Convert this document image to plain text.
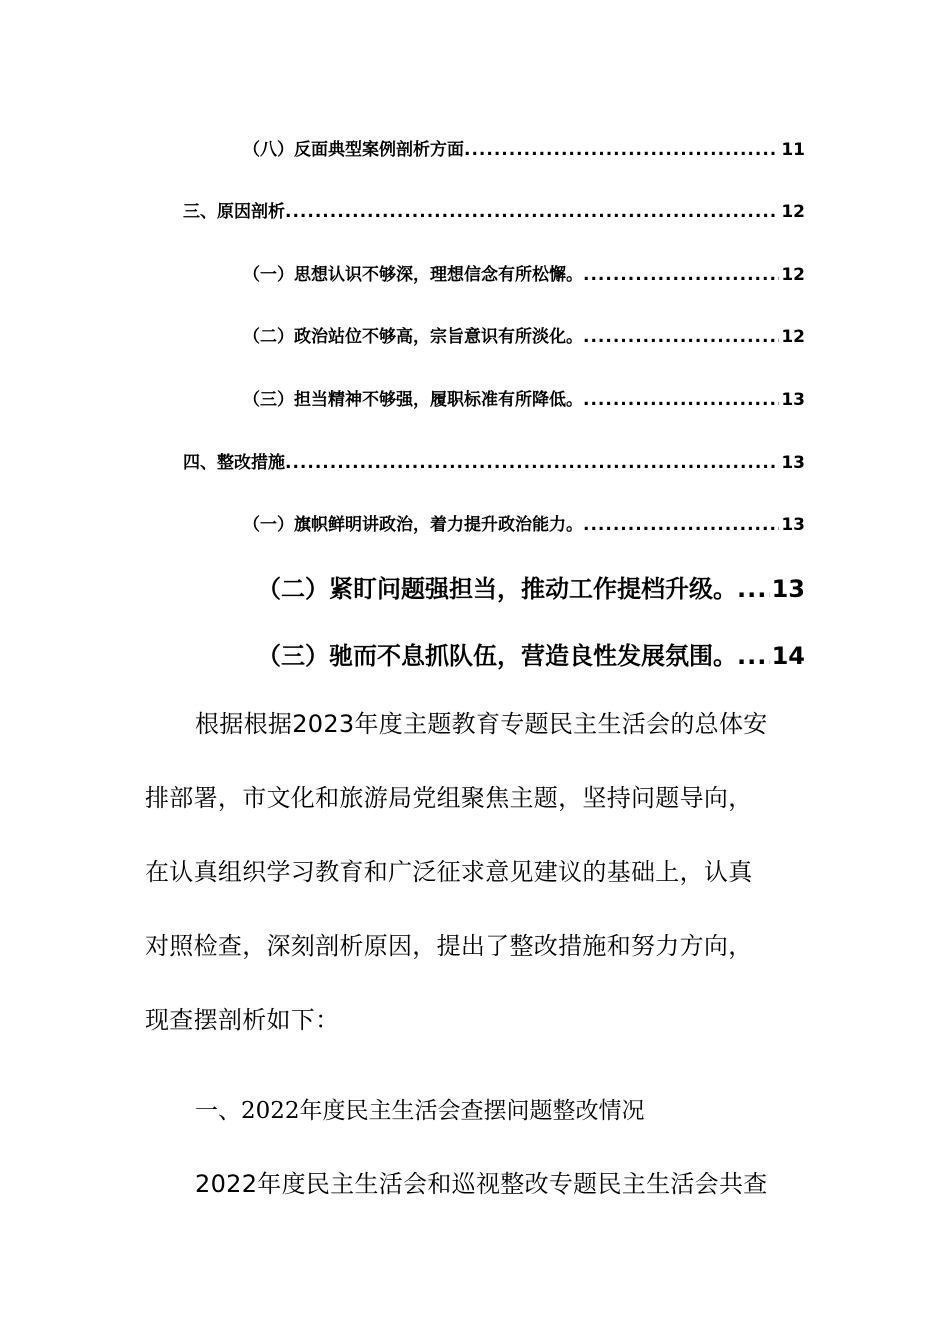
（八）反面典型案例剖析方面 .....	11
三、原因剖析 .....	12
（一）思想认识不够深，理想信念有所松懈。 .....	12
（二）政治站位不够高，宗旨意识有所淡化。 .....	12
（三）担当精神不够强，履职标准有所降低。 .....	13
四、整改措施 .....	13
（一）旗帜鲜明讲政治，着力提升政治能力。 .....	13
（二）紧盯问题强担当，推动工作提档升级。 ..... 13
（三）驰而不息抓队伍，营造良性发展氛围。 ..... 14
根据根据2023年度主题教育专题民主生活会的总体安
排部署，市文化和旅游局党组聚焦主题，坚持问题导向，
在认真组织学习教育和广泛征求意见建议的基础上，认真
对照检查，深刻剖析原因，提出了整改措施和努力方向，
现查摆剖析如下：
一、2022年度民主生活会查摆问题整改情况
2022年度民主生活会和巡视整改专题民主生活会共查
